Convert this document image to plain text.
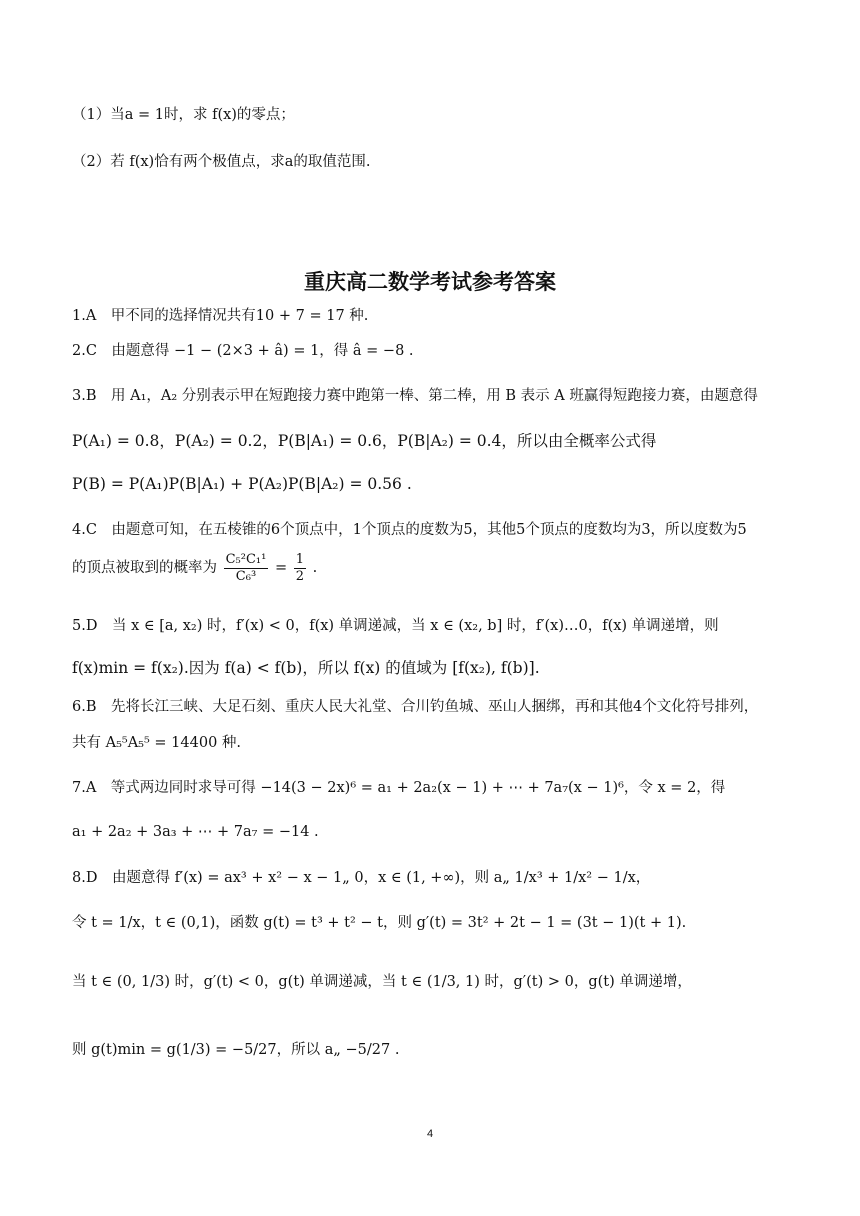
（1）当a = 1时，求 f(x)的零点；
（2）若 f(x)恰有两个极值点，求a的取值范围.
重庆高二数学考试参考答案
1.A　甲不同的选择情况共有10 + 7 = 17 种.
2.C　由题意得 −1 − (2×3 + â) = 1，得 â = −8 .
3.B　用 A₁，A₂ 分别表示甲在短跑接力赛中跑第一棒、第二棒，用 B 表示 A 班赢得短跑接力赛，由题意得
P(A₁) = 0.8，P(A₂) = 0.2，P(B|A₁) = 0.6，P(B|A₂) = 0.4，所以由全概率公式得
P(B) = P(A₁)P(B|A₁) + P(A₂)P(B|A₂) = 0.56 .
4.C　由题意可知，在五棱锥的6个顶点中，1个顶点的度数为5，其他5个顶点的度数均为3，所以度数为5
的顶点被取到的概率为 $\frac{\text{C₅²C₁¹}}{\text{C₆³}} = \frac{1}{2}$ .
5.D　当 x ∈ [a, x₂) 时，f′(x) < 0，f(x) 单调递减，当 x ∈ (x₂, b] 时，f′(x)…0，f(x) 单调递增，则
f(x)min = f(x₂).因为 f(a) < f(b)，所以 f(x) 的值域为 [f(x₂), f(b)].
6.B　先将长江三峡、大足石刻、重庆人民大礼堂、合川钓鱼城、巫山人捆绑，再和其他4个文化符号排列，
共有 A₅⁵A₅⁵ = 14400 种.
7.A　等式两边同时求导可得 −14(3 − 2x)⁶ = a₁ + 2a₂(x − 1) + ⋯ + 7a₇(x − 1)⁶，令 x = 2，得
a₁ + 2a₂ + 3a₃ + ⋯ + 7a₇ = −14 .
8.D　由题意得 f′(x) = ax³ + x² − x − 1„ 0，x ∈ (1, +∞)，则 a„ 1/x³ + 1/x² − 1/x，
令 t = 1/x，t ∈ (0,1)，函数 g(t) = t³ + t² − t，则 g′(t) = 3t² + 2t − 1 = (3t − 1)(t + 1).
当 t ∈ (0, 1/3) 时，g′(t) < 0，g(t) 单调递减，当 t ∈ (1/3, 1) 时，g′(t) > 0，g(t) 单调递增，
则 g(t)min = g(1/3) = −5/27，所以 a„ −5/27 .
4
